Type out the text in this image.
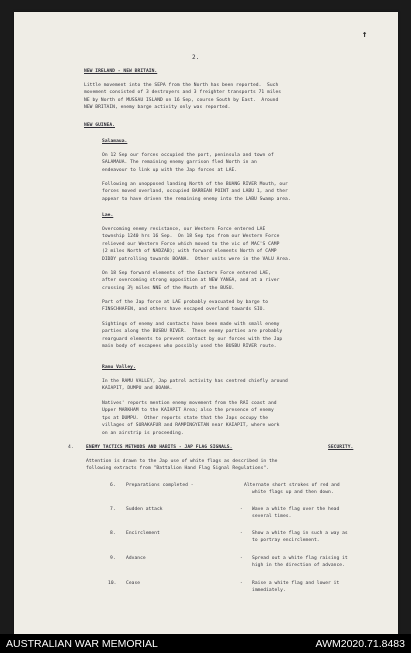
2.
↑
NEW IRELAND - NEW BRITAIN.
Little movement into the SEPA from the North has been reported.  Such
movement consisted of 3 destroyers and 3 freighter transports 71 miles
NE by North of MUSSAU ISLAND on 16 Sep, course South by East.  Around
NEW BRITAIN, enemy barge activity only was reported.
NEW GUINEA.
Salamaua.
On 12 Sep our forces occupied the port, peninsula and town of
SALAMAUA. The remaining enemy garrison fled North in an
endeavour to link up with the Jap forces at LAE.
Following an unopposed landing North of the BUANG RIVER Mouth, our
forces moved overland, occupied BARREAN POINT and LABU 1, and ther
appear to have driven the remaining enemy into the LABU Swamp area.
Lae.
Overcoming enemy resistance, our Western Force entered LAE
township 1240 hrs 16 Sep.  On 18 Sep tps from our Western Force
relieved our Western Force which moved to the vic of MAC'S CAMP
(2 miles North of NADZAB); with forward elements North of CAMP
DIDDY patrolling towards BOANA.  Other units were in the VALU Area.
On 18 Sep forward elements of the Eastern Force entered LAE,
after overcoming strong opposition at NEW YANGA, and at a river
crossing 3½ miles NNE of the Mouth of the BUSU.
Part of the Jap force at LAE probably evacuated by barge to
FINSCHHAFEN, and others have escaped overland towards SIO.
Sightings of enemy and contacts have been made with small enemy
parties along the BUSBU RIVER.  These enemy parties are probably
rearguard elements to prevent contact by our forces with the Jap
main body of escapees who possibly used the BUSBU RIVER route.
Ramu Valley.
In the RAMU VALLEY, Jap patrol activity has centred chiefly around
KAIAPIT, DUMPU and BOANA.
Natives' reports mention enemy movement from the RAI coast and
Upper MARKHAM to the KAIAPIT Area; also the presence of enemy
tps at DUMPU.  Other reports state that the Japs occupy the
villages of SURAKAFUR and RAMPINGYETAN near KAIAPIT, where work
on an airstrip is proceeding.
4.	ENEMY TACTICS METHODS AND HABITS - JAP FLAG SIGNALS.	SECURITY.
Attention is drawn to the Jap use of white flags as described in the
following extracts from "Battalion Hand Flag Signal Regulations".
6. Preparations completed -	Alternate short strokes of red and
white flags up and then down.
7. Sudden attack	- Wave a white flag over the head
several times.
8. Encirclement	- Show a white flag in such a way as
to portray encirclement.
9. Advance	- Spread out a white flag raising it
high in the direction of advance.
10. Cease	- Raise a white flag and lower it
immediately.
AUSTRALIAN WAR MEMORIAL	AWM2020.71.8483
